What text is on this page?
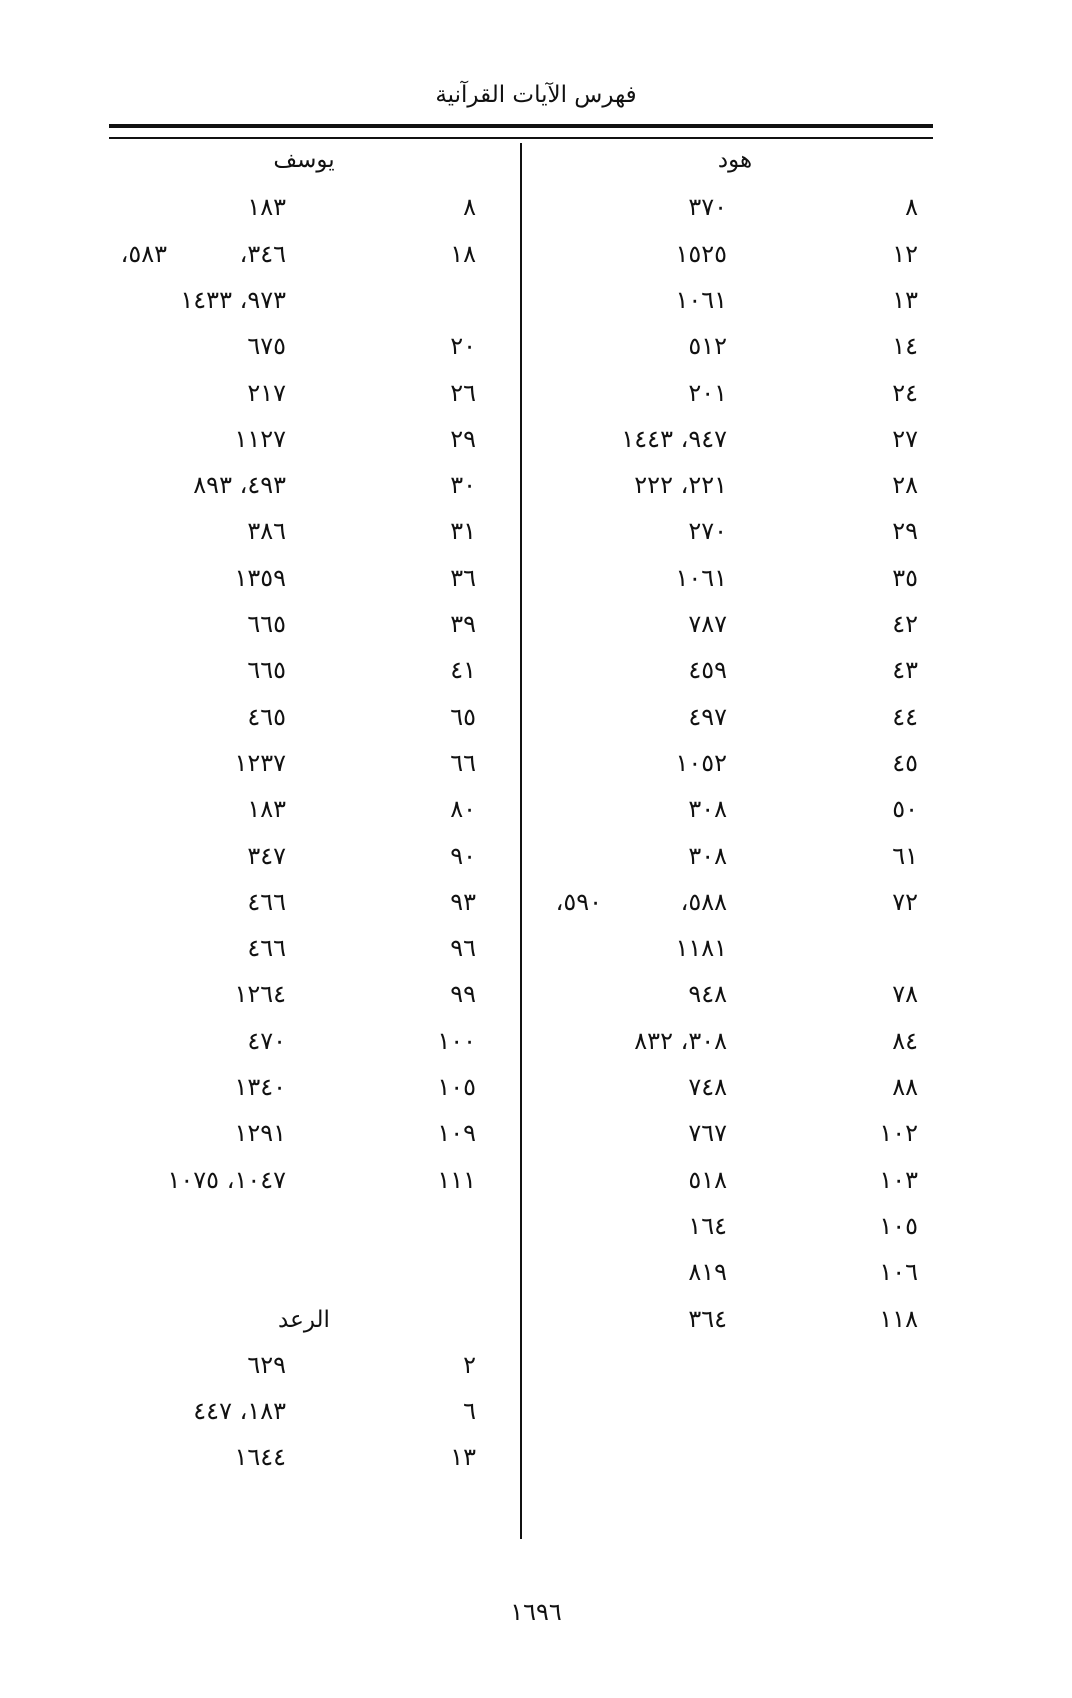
فهرس الآيات القرآنية
هود
٨
٣٧٠
١٢
١٥٢٥
١٣
١٠٦١
١٤
٥١٢
٢٤
٢٠١
٢٧
٩٤٧، ١٤٤٣
٢٨
٢٢١، ٢٢٢
٢٩
٢٧٠
٣٥
١٠٦١
٤٢
٧٨٧
٤٣
٤٥٩
٤٤
٤٩٧
٤٥
١٠٥٢
٥٠
٣٠٨
٦١
٣٠٨
٧٢
٥٨٨،
٥٩٠،
١١٨١
٧٨
٩٤٨
٨٤
٣٠٨، ٨٣٢
٨٨
٧٤٨
١٠٢
٧٦٧
١٠٣
٥١٨
١٠٥
١٦٤
١٠٦
٨١٩
١١٨
٣٦٤
يوسف
٨
١٨٣
١٨
٣٤٦،
٥٨٣،
٩٧٣، ١٤٣٣
٢٠
٦٧٥
٢٦
٢١٧
٢٩
١١٢٧
٣٠
٤٩٣، ٨٩٣
٣١
٣٨٦
٣٦
١٣٥٩
٣٩
٦٦٥
٤١
٦٦٥
٦٥
٤٦٥
٦٦
١٢٣٧
٨٠
١٨٣
٩٠
٣٤٧
٩٣
٤٦٦
٩٦
٤٦٦
٩٩
١٢٦٤
١٠٠
٤٧٠
١٠٥
١٣٤٠
١٠٩
١٢٩١
١١١
١٠٤٧، ١٠٧٥
الرعد
٢
٦٢٩
٦
١٨٣، ٤٤٧
١٣
١٦٤٤
١٦٩٦
